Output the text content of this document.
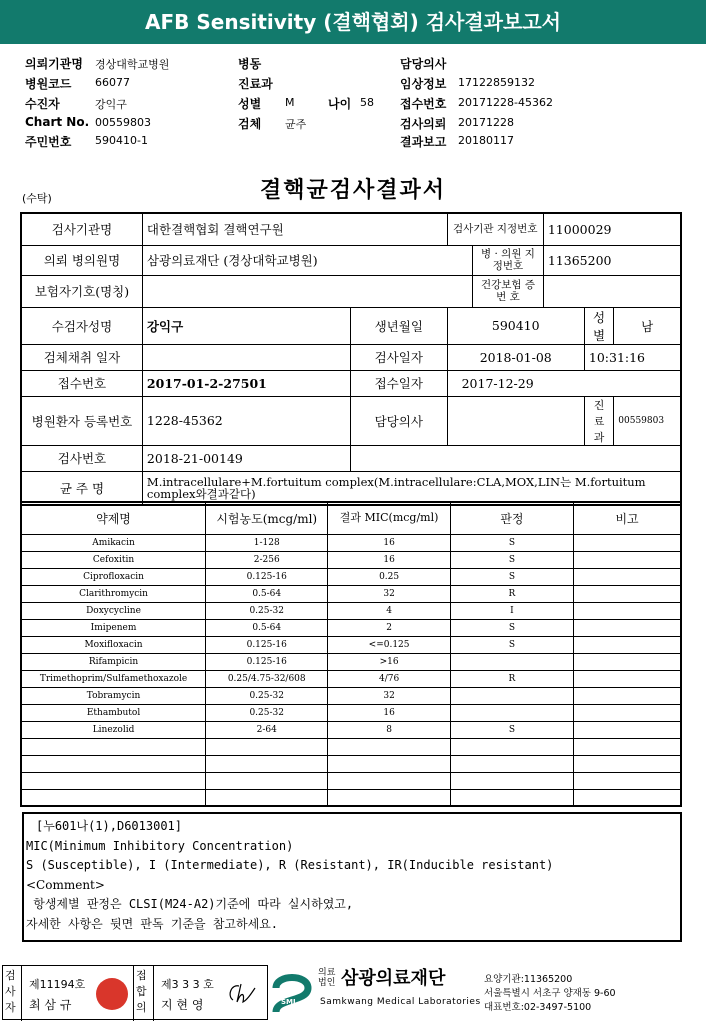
AFB Sensitivity (결핵협회) 검사결과보고서
의뢰기관명 경상대학교병원
병원코드 66077
수진자	강익구
Chart No. 00559803
주민번호 590410-1
병동
진료과
성별 M	나이 58
검체 균주
담당의사
임상정보 17122859132
접수번호 20171228-45362
검사의뢰 20171228
결과보고 20180117
(수탁)	결핵균검사결과서
검사기관명	대한결핵협회 결핵연구원		검사기관 지정번호		11000029		
의뢰 병의원명	삼광의료재단 (경상대학교병원)			병 · 의원 지정번호	11365200		
보험자기호(명칭)				건강보험 증 번 호			
수검자성명	강익구	생년월일	590410			성별	남
검체채취 일자		검사일자	2018-01-08			10:31:16	
접수번호	2017-01-2-27501	접수일자	2017-12-29				
병원환자 등록번호	1228-45362	담당의사				진료과	00559803
검사번호	2018-21-00149						
균 주 명	M.intracellulare+M.fortuitum complex(M.intracellulare:CLA,MOX,LIN는 M.fortuitum complex와결과같다)						
약제명	시험농도(mcg/ml)	결과 MIC(mcg/ml)	판정	비고
Amikacin	1-128	16	S	
Cefoxitin	2-256	16	S	
Ciprofloxacin	0.125-16	0.25	S	
Clarithromycin	0.5-64	32	R	
Doxycycline	0.25-32	4	I	
Imipenem	0.5-64	2	S	
Moxifloxacin	0.125-16	<=0.125	S	
Rifampicin	0.125-16	>16		
Trimethoprim/Sulfamethoxazole	0.25/4.75-32/608	4/76	R	
Tobramycin	0.25-32	32		
Ethambutol	0.25-32	16		
Linezolid	2-64	8	S	

[누601나(1),D6013001]
MIC(Minimum Inhibitory Concentration)
S (Susceptible), I (Intermediate), R (Resistant), IR(Inducible resistant)
<Comment>
항생제별 판정은 CLSI(M24-A2)기준에 따라 실시하였고,
자세한 사항은 뒷면 판독 기준을 참고하세요.
검사자
제11194호
최 삼 규
접 합 의
제3 3 3 호
지 현 영	SML
의료 법인 삼광의료재단
Samkwang Medical Laboratories
요양기관:11365200
서울특별시 서초구 양재동 9-60
대표번호:02-3497-5100
